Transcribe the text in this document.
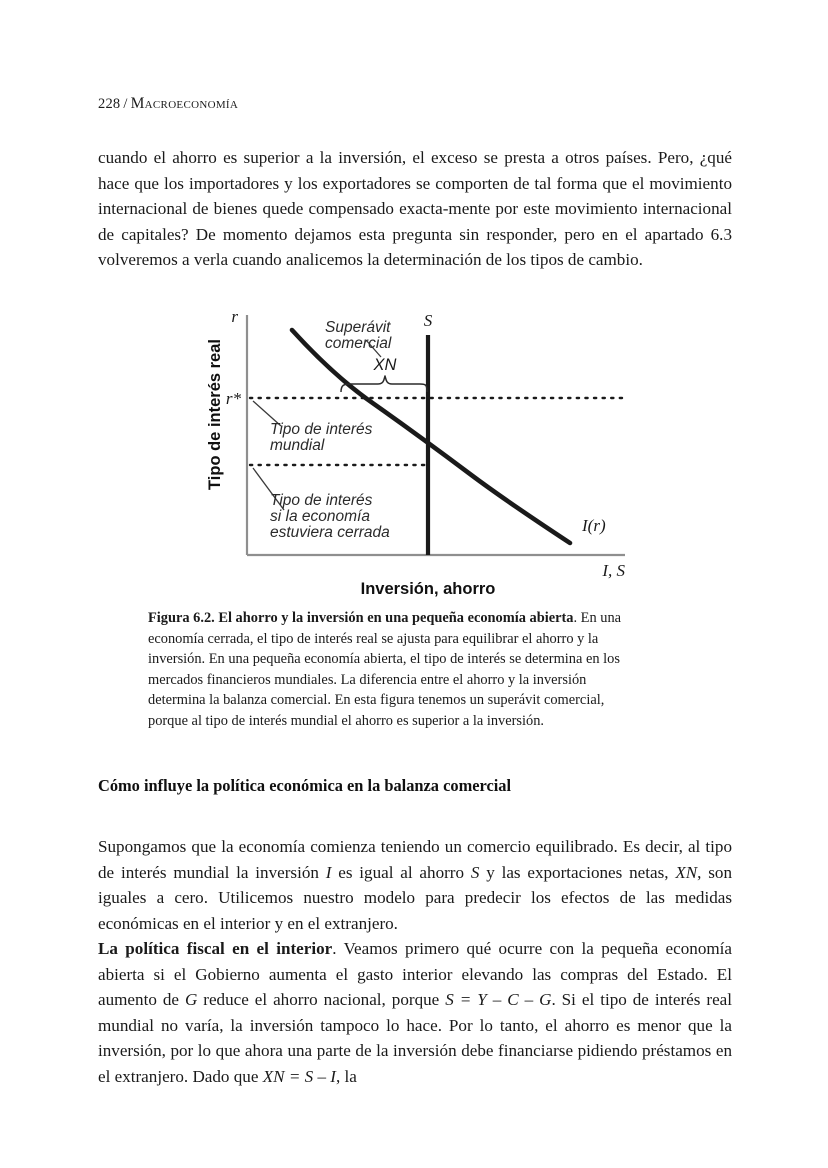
228 / Macroeconomía

cuando el ahorro es superior a la inversión, el exceso se presta a otros países. Pero, ¿qué hace que los importadores y los exportadores se comporten de tal forma que el movimiento internacional de bienes quede compensado exacta-mente por este movimiento internacional de capitales? De momento dejamos esta pregunta sin responder, pero en el apartado 6.3 volveremos a verla cuando analicemos la determinación de los tipos de cambio.

r
r*
S
XN
I(r)
I, S
Superávit
comercial
Tipo de interés
mundial
Tipo de interés
si la economía
estuviera cerrada
Tipo de interés real
Inversión, ahorro

Figura 6.2. El ahorro y la inversión en una pequeña economía abierta. En una economía cerrada, el tipo de interés real se ajusta para equilibrar el ahorro y la inversión. En una pequeña economía abierta, el tipo de interés se determina en los mercados financieros mundiales. La diferencia entre el ahorro y la inversión determina la balanza comercial. En esta figura tenemos un superávit comercial, porque al tipo de interés mundial el ahorro es superior a la inversión.

Cómo influye la política económica en la balanza comercial

Supongamos que la economía comienza teniendo un comercio equilibrado. Es decir, al tipo de interés mundial la inversión I es igual al ahorro S y las exportaciones netas, XN, son iguales a cero. Utilicemos nuestro modelo para predecir los efectos de las medidas económicas en el interior y en el extranjero.

La política fiscal en el interior. Veamos primero qué ocurre con la pequeña economía abierta si el Gobierno aumenta el gasto interior elevando las compras del Estado. El aumento de G reduce el ahorro nacional, porque S = Y – C – G. Si el tipo de interés real mundial no varía, la inversión tampoco lo hace. Por lo tanto, el ahorro es menor que la inversión, por lo que ahora una parte de la inversión debe financiarse pidiendo préstamos en el extranjero. Dado que XN = S – I, la
